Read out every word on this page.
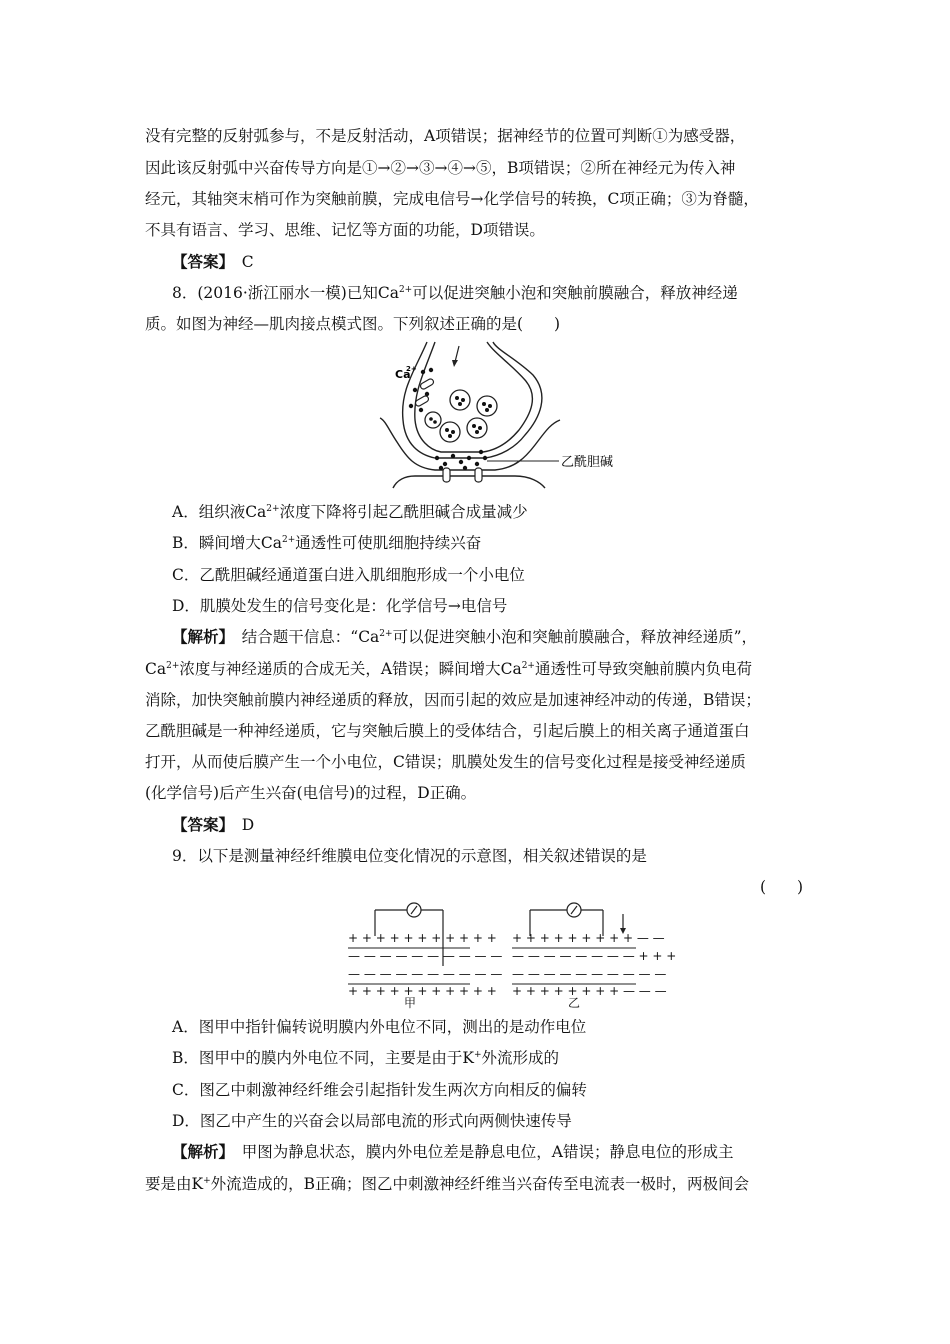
没有完整的反射弧参与，不是反射活动，A项错误；据神经节的位置可判断①为感受器，
因此该反射弧中兴奋传导方向是①→②→③→④→⑤，B项错误；②所在神经元为传入神
经元，其轴突末梢可作为突触前膜，完成电信号→化学信号的转换，C项正确；③为脊髓，
不具有语言、学习、思维、记忆等方面的功能，D项错误。
【答案】　 C
8．(2016·浙江丽水一模)已知$Ca^{2+}$可以促进突触小泡和突触前膜融合，释放神经递
质。如图为神经—肌肉接点模式图。下列叙述正确的是(　　)
Ca
2+
乙酰胆碱
A．组织液$Ca^{2+}$浓度下降将引起乙酰胆碱合成量减少
B．瞬间增大$Ca^{2+}$通透性可使肌细胞持续兴奋
C．乙酰胆碱经通道蛋白进入肌细胞形成一个小电位
D．肌膜处发生的信号变化是：化学信号→电信号
【解析】　结合题干信息：“$Ca^{2+}$可以促进突触小泡和突触前膜融合，释放神经递质”，
$Ca^{2+}$浓度与神经递质的合成无关，A错误；瞬间增大$Ca^{2+}$通透性可导致突触前膜内负电荷
消除，加快突触前膜内神经递质的释放，因而引起的效应是加速神经冲动的传递，B错误；
乙酰胆碱是一种神经递质，它与突触后膜上的受体结合，引起后膜上的相关离子通道蛋白
打开，从而使后膜产生一个小电位，C错误；肌膜处发生的信号变化过程是接受神经递质
(化学信号)后产生兴奋(电信号)的过程，D正确。
【答案】　 D
9．以下是测量神经纤维膜电位变化情况的示意图，相关叙述错误的是
(　　)
+ + + + + + + + + + +
— — — — — — — — — —
— — — — — — — — — —
+ + + + + + + + + + +
甲
+ + + + + + + + + — —
— — — — — — — — + + +
— — — — — — — — — —
+ + + + + + + + — — —
乙
A．图甲中指针偏转说明膜内外电位不同，测出的是动作电位
B．图甲中的膜内外电位不同，主要是由于K+外流形成的
C．图乙中刺激神经纤维会引起指针发生两次方向相反的偏转
D．图乙中产生的兴奋会以局部电流的形式向两侧快速传导
【解析】　甲图为静息状态，膜内外电位差是静息电位，A错误；静息电位的形成主
要是由K+外流造成的，B正确；图乙中刺激神经纤维当兴奋传至电流表一极时，两极间会
